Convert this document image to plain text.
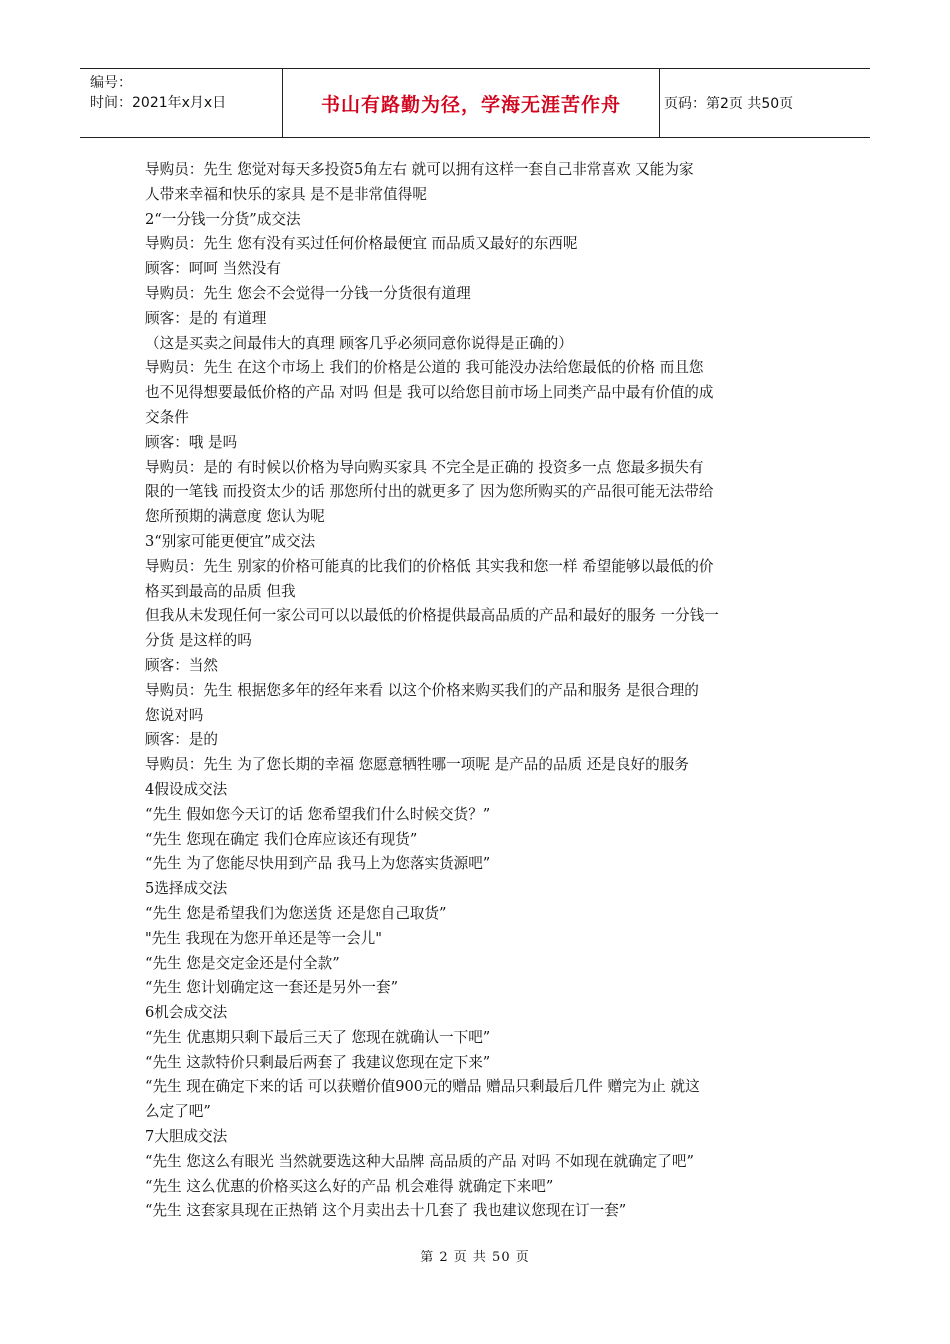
编号：
时间：2021年x月x日	书山有路勤为径，学海无涯苦作舟	页码：第2页 共50页
导购员：先生 您觉对每天多投资5角左右 就可以拥有这样一套自己非常喜欢 又能为家
人带来幸福和快乐的家具 是不是非常值得呢
2“一分钱一分货”成交法
导购员：先生 您有没有买过任何价格最便宜 而品质又最好的东西呢
顾客：呵呵 当然没有
导购员：先生 您会不会觉得一分钱一分货很有道理
顾客：是的 有道理
（这是买卖之间最伟大的真理 顾客几乎必须同意你说得是正确的）
导购员：先生 在这个市场上 我们的价格是公道的 我可能没办法给您最低的价格 而且您
也不见得想要最低价格的产品 对吗 但是 我可以给您目前市场上同类产品中最有价值的成
交条件
顾客：哦 是吗
导购员：是的 有时候以价格为导向购买家具 不完全是正确的 投资多一点 您最多损失有
限的一笔钱 而投资太少的话 那您所付出的就更多了 因为您所购买的产品很可能无法带给
您所预期的满意度 您认为呢
3“别家可能更便宜”成交法
导购员：先生 别家的价格可能真的比我们的价格低 其实我和您一样 希望能够以最低的价
格买到最高的品质 但我
但我从未发现任何一家公司可以以最低的价格提供最高品质的产品和最好的服务 一分钱一
分货 是这样的吗
顾客：当然
导购员：先生 根据您多年的经年来看 以这个价格来购买我们的产品和服务 是很合理的
您说对吗
顾客：是的
导购员：先生 为了您长期的幸福 您愿意牺牲哪一项呢 是产品的品质 还是良好的服务
4假设成交法
“先生 假如您今天订的话 您希望我们什么时候交货？”
“先生 您现在确定 我们仓库应该还有现货”
“先生 为了您能尽快用到产品 我马上为您落实货源吧”
5选择成交法
“先生 您是希望我们为您送货 还是您自己取货”
"先生 我现在为您开单还是等一会儿"
“先生 您是交定金还是付全款”
“先生 您计划确定这一套还是另外一套”
6机会成交法
“先生 优惠期只剩下最后三天了 您现在就确认一下吧”
“先生 这款特价只剩最后两套了 我建议您现在定下来”
“先生 现在确定下来的话 可以获赠价值900元的赠品 赠品只剩最后几件 赠完为止 就这
么定了吧”
7大胆成交法
“先生 您这么有眼光 当然就要选这种大品牌 高品质的产品 对吗 不如现在就确定了吧”
“先生 这么优惠的价格买这么好的产品 机会难得 就确定下来吧”
“先生 这套家具现在正热销 这个月卖出去十几套了 我也建议您现在订一套”
第 2 页 共 50 页
